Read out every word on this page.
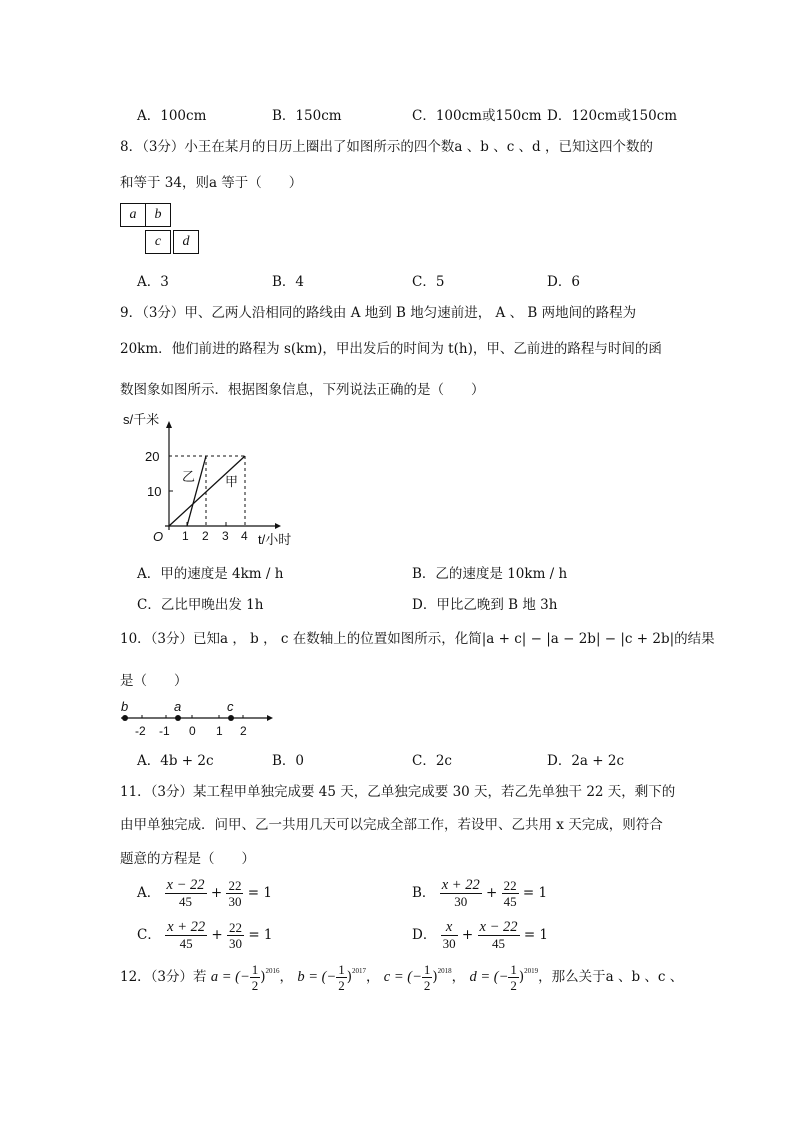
A．100cm	B．150cm	C．100cm或150cm D．120cm或150cm
8．（3分）小王在某月的日历上圈出了如图所示的四个数a 、b 、c 、d ，已知这四个数的
和等于 34，则a 等于（　　）
a	b
c	d
A．3	B．4	C．5	D．6
9．（3分）甲、乙两人沿相同的路线由 A 地到 B 地匀速前进， A 、 B 两地间的路程为
20km．他们前进的路程为 s(km)，甲出发后的时间为 t(h)，甲、乙前进的路程与时间的函
数图象如图所示．根据图象信息，下列说法正确的是（　　）
s/千米
20
10
O 1 2 3 4 t/小时
乙 甲
A．甲的速度是 4km / h	B．乙的速度是 10km / h
C．乙比甲晚出发 1h	D．甲比乙晚到 B 地 3h
10．（3分）已知a ， b ， c 在数轴上的位置如图所示，化简|a + c| − |a − 2b| − |c + 2b|的结果
是（　　）
b	a	c
-2 -1 0 1 2
A．4b + 2c	B．0	C．2c	D．2a + 2c
11．（3分）某工程甲单独完成要 45 天，乙单独完成要 30 天，若乙先单独干 22 天，剩下的
由甲单独完成．问甲、乙一共用几天可以完成全部工作，若设甲、乙共用 x 天完成，则符合
题意的方程是（　　）
A． $\frac{x - 22}{45} + \frac{22}{30} = 1$	B． $\frac{x + 22}{30} + \frac{22}{45} = 1$
C． $\frac{x + 22}{45} + \frac{22}{30} = 1$	D． $\frac{x}{30} + \frac{x - 22}{45} = 1$
12．（3分）若 a = (− $\frac{1}{2} )^{2016}$， b = (− $\frac{1}{2} )^{2017}$， c = (− $\frac{1}{2} )^{2018}$， d = (− $\frac{1}{2} )^{2019}$，那么关于a 、b 、c 、
